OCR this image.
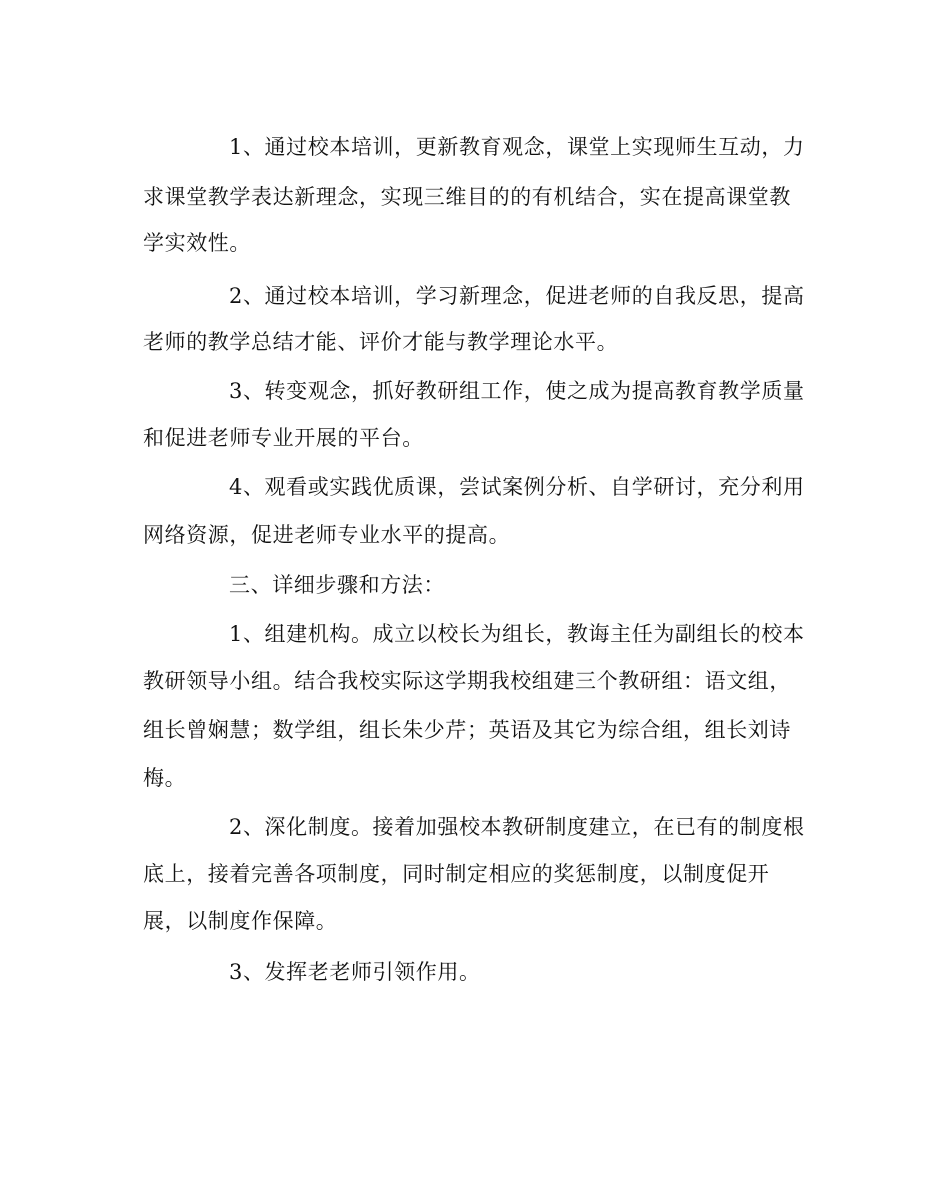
1、通过校本培训，更新教育观念，课堂上实现师生互动，力
求课堂教学表达新理念，实现三维目的的有机结合，实在提高课堂教
学实效性。
2、通过校本培训，学习新理念，促进老师的自我反思，提高
老师的教学总结才能、评价才能与教学理论水平。
3、转变观念，抓好教研组工作，使之成为提高教育教学质量
和促进老师专业开展的平台。
4、观看或实践优质课，尝试案例分析、自学研讨，充分利用
网络资源，促进老师专业水平的提高。
三、详细步骤和方法：
1、组建机构。成立以校长为组长，教诲主任为副组长的校本
教研领导小组。结合我校实际这学期我校组建三个教研组：语文组，
组长曾娴慧；数学组，组长朱少芹；英语及其它为综合组，组长刘诗
梅。
2、深化制度。接着加强校本教研制度建立，在已有的制度根
底上，接着完善各项制度，同时制定相应的奖惩制度，以制度促开
展，以制度作保障。
3、发挥老老师引领作用。
